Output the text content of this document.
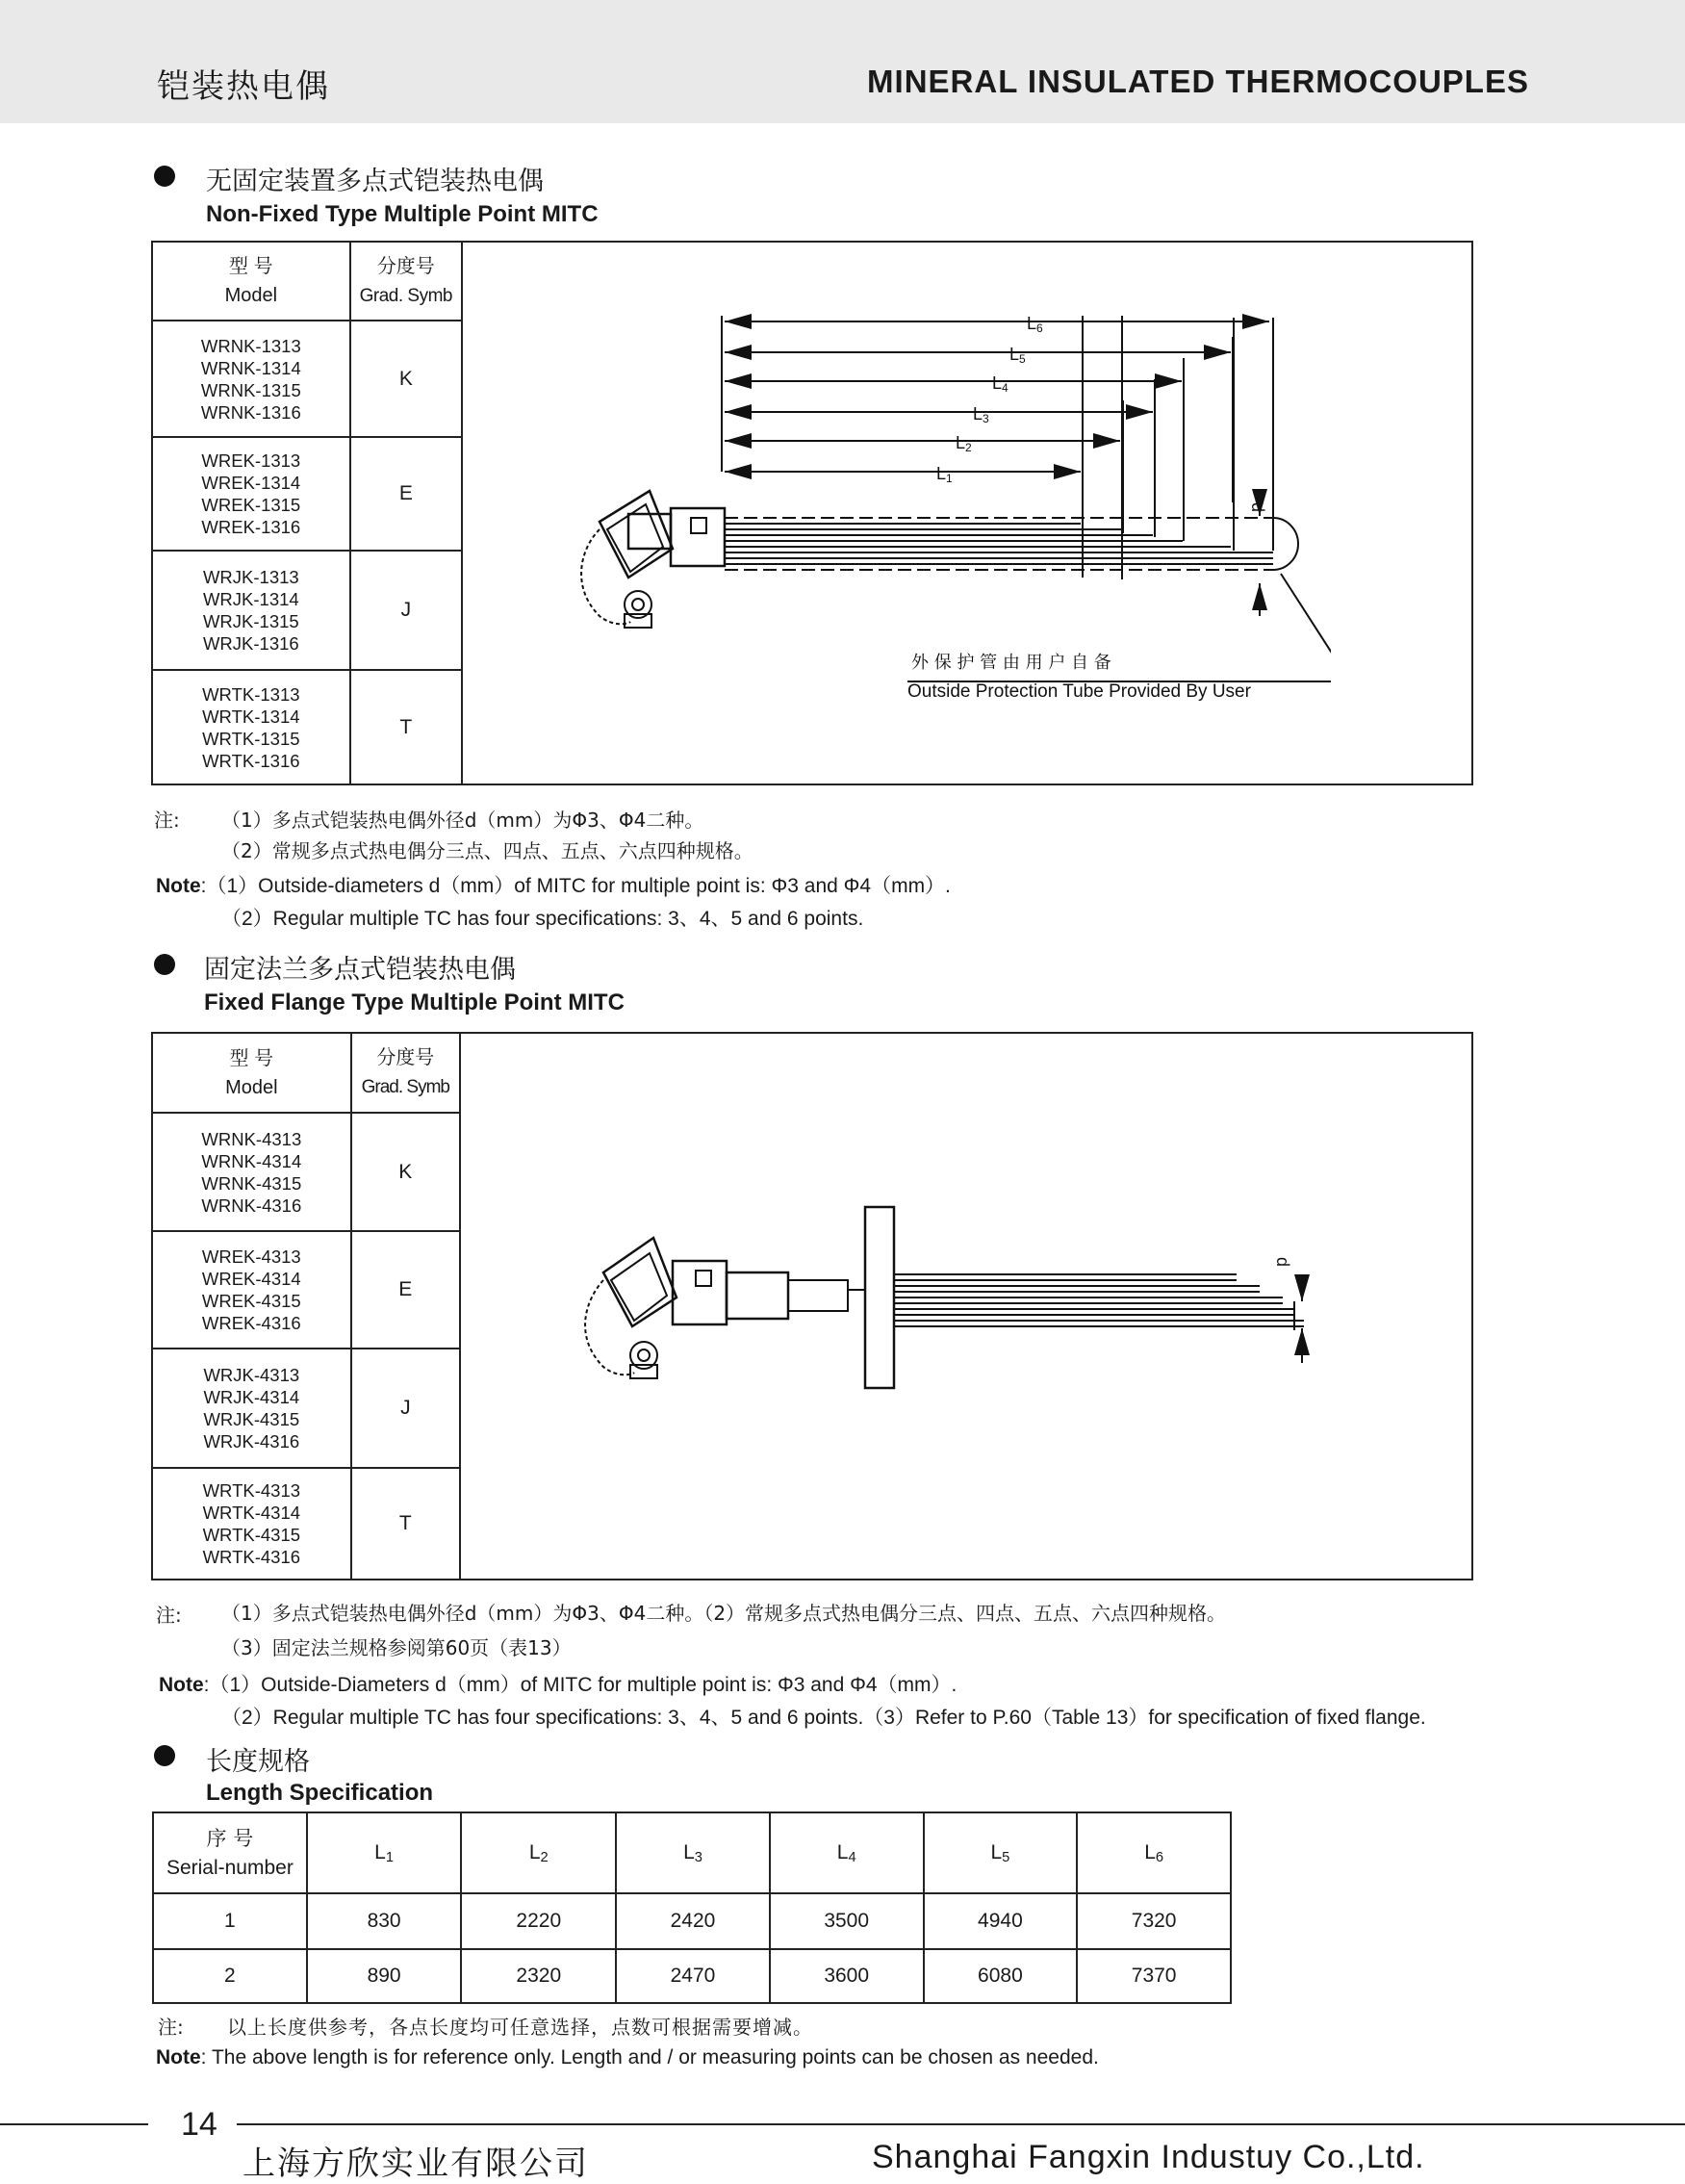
铠装热电偶	MINERAL INSULATED THERMOCOUPLES
无固定装置多点式铠装热电偶
Non-Fixed Type Multiple Point MITC
型 号
Model	分度号
Grad. Symb
WRNK-1313
WRNK-1314
WRNK-1315
WRNK-1316	K
WREK-1313
WREK-1314
WREK-1315
WREK-1316	E
WRJK-1313
WRJK-1314
WRJK-1315
WRJK-1316	J
WRTK-1313
WRTK-1314
WRTK-1315
WRTK-1316	T
L6
L5
L4
L3
L2
L1
d
外 保 护 管 由 用 户 自 备
Outside Protection Tube Provided By User
注: （1）多点式铠装热电偶外径d（mm）为Φ3、Φ4二种。
（2）常规多点式热电偶分三点、四点、五点、六点四种规格。
Note:（1）Outside-diameters d（mm）of MITC for multiple point is: Φ3 and Φ4（mm）.
（2）Regular multiple TC has four specifications: 3、4、5 and 6 points.
固定法兰多点式铠装热电偶
Fixed Flange Type Multiple Point MITC
型 号
Model	分度号
Grad. Symb
WRNK-4313
WRNK-4314
WRNK-4315
WRNK-4316	K
WREK-4313
WREK-4314
WREK-4315
WREK-4316	E
WRJK-4313
WRJK-4314
WRJK-4315
WRJK-4316	J
WRTK-4313
WRTK-4314
WRTK-4315
WRTK-4316	T
d
注: （1）多点式铠装热电偶外径d（mm）为Φ3、Φ4二种。（2）常规多点式热电偶分三点、四点、五点、六点四种规格。
（3）固定法兰规格参阅第60页（表13）
Note:（1）Outside-Diameters d（mm）of MITC for multiple point is: Φ3 and Φ4（mm）.
（2）Regular multiple TC has four specifications: 3、4、5 and 6 points.（3）Refer to P.60（Table 13）for specification of fixed flange.
长度规格
Length Specification
序 号
Serial-number	$L_1$	$L_2$	$L_3$	$L_4$	$L_5$	$L_6$
1	830	2220	2420	3500	4940	7320
2	890	2320	2470	3600	6080	7370
注: 以上长度供参考，各点长度均可任意选择，点数可根据需要增减。
Note: The above length is for reference only. Length and / or measuring points can be chosen as needed.
14
上海方欣实业有限公司	Shanghai Fangxin Industuy Co.,Ltd.
